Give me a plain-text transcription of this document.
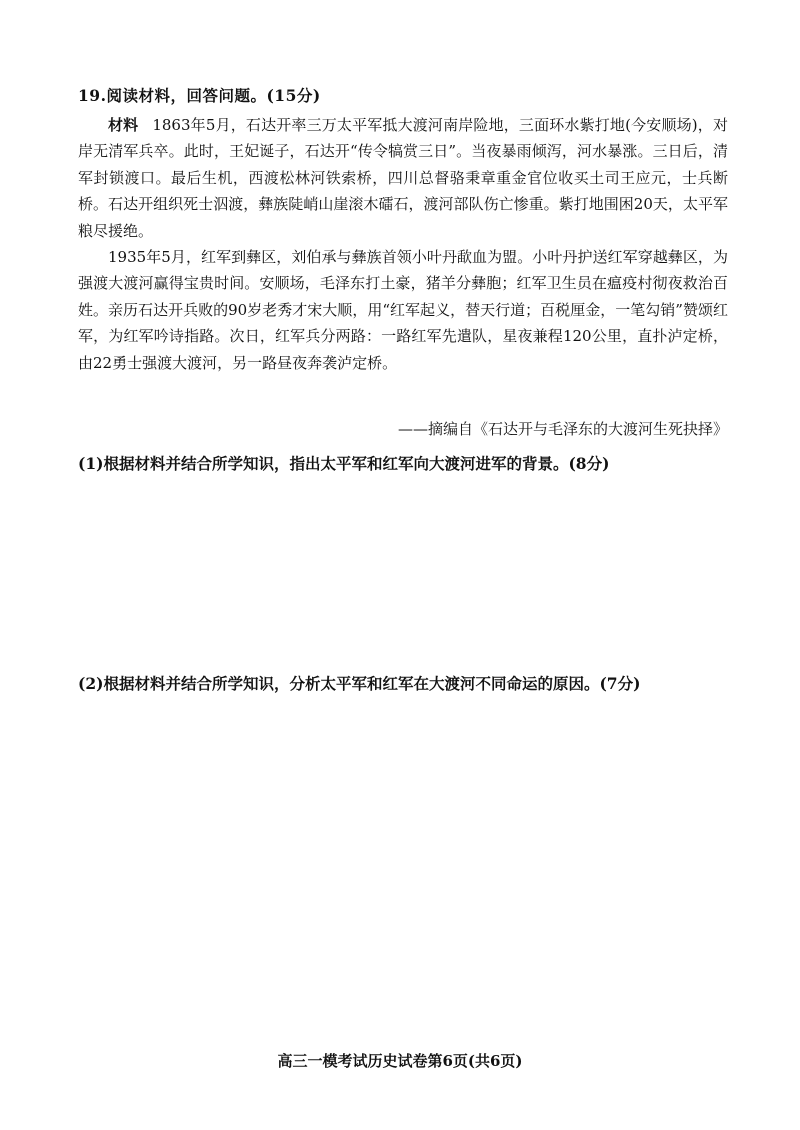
19.阅读材料，回答问题。(15分)

材料 1863年5月，石达开率三万太平军抵大渡河南岸险地，三面环水紫打地(今安顺场)，对岸无清军兵卒。此时，王妃诞子，石达开“传令犒赏三日”。当夜暴雨倾泻，河水暴涨。三日后，清军封锁渡口。最后生机，西渡松林河铁索桥，四川总督骆秉章重金官位收买土司王应元，士兵断桥。石达开组织死士泅渡，彝族陡峭山崖滚木礌石，渡河部队伤亡惨重。紫打地围困20天，太平军粮尽援绝。

1935年5月，红军到彝区，刘伯承与彝族首领小叶丹歃血为盟。小叶丹护送红军穿越彝区，为强渡大渡河赢得宝贵时间。安顺场，毛泽东打土豪，猪羊分彝胞；红军卫生员在瘟疫村彻夜救治百姓。亲历石达开兵败的90岁老秀才宋大顺，用“红军起义，替天行道；百税厘金，一笔勾销”赞颂红军，为红军吟诗指路。次日，红军兵分两路：一路红军先遣队，星夜兼程120公里，直扑泸定桥，由22勇士强渡大渡河，另一路昼夜奔袭泸定桥。

——摘编自《石达开与毛泽东的大渡河生死抉择》
(1)根据材料并结合所学知识，指出太平军和红军向大渡河进军的背景。(8分)
(2)根据材料并结合所学知识，分析太平军和红军在大渡河不同命运的原因。(7分)
高三一模考试历史试卷第6页(共6页)
